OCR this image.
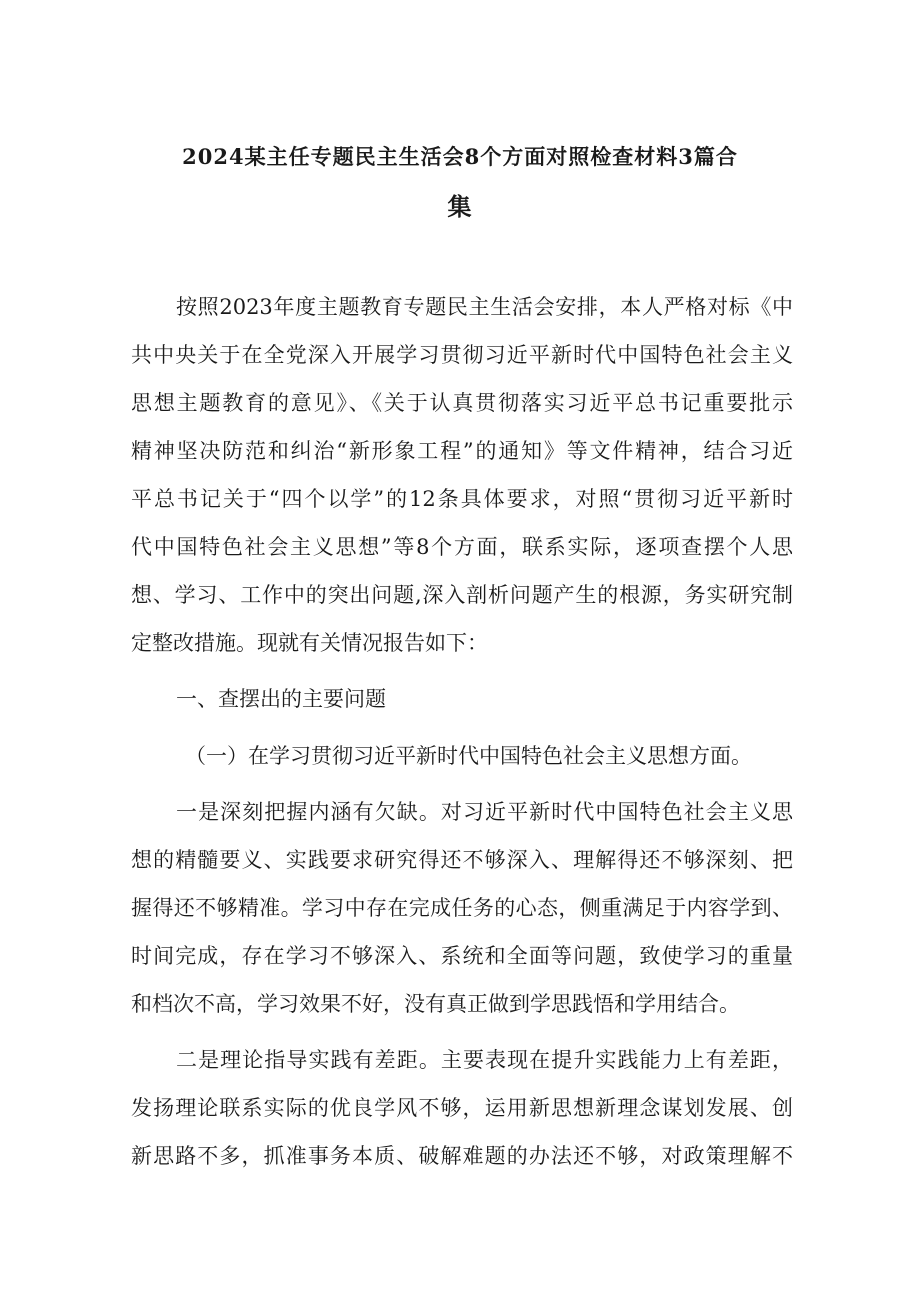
2024某主任专题民主生活会8个方面对照检查材料3篇合
集
按照2023年度主题教育专题民主生活会安排，本人严格对标《中
共中央关于在全党深入开展学习贯彻习近平新时代中国特色社会主义
思想主题教育的意见》、《关于认真贯彻落实习近平总书记重要批示
精神坚决防范和纠治“新形象工程”的通知》等文件精神，结合习近
平总书记关于“四个以学”的12条具体要求，对照“贯彻习近平新时
代中国特色社会主义思想”等8个方面，联系实际，逐项查摆个人思
想、学习、工作中的突出问题,深入剖析问题产生的根源，务实研究制
定整改措施。现就有关情况报告如下：
一、查摆出的主要问题
（一）在学习贯彻习近平新时代中国特色社会主义思想方面。
一是深刻把握内涵有欠缺。对习近平新时代中国特色社会主义思
想的精髓要义、实践要求研究得还不够深入、理解得还不够深刻、把
握得还不够精准。学习中存在完成任务的心态，侧重满足于内容学到、
时间完成，存在学习不够深入、系统和全面等问题，致使学习的重量
和档次不高，学习效果不好，没有真正做到学思践悟和学用结合。
二是理论指导实践有差距。主要表现在提升实践能力上有差距，
发扬理论联系实际的优良学风不够，运用新思想新理念谋划发展、创
新思路不多，抓准事务本质、破解难题的办法还不够，对政策理解不
